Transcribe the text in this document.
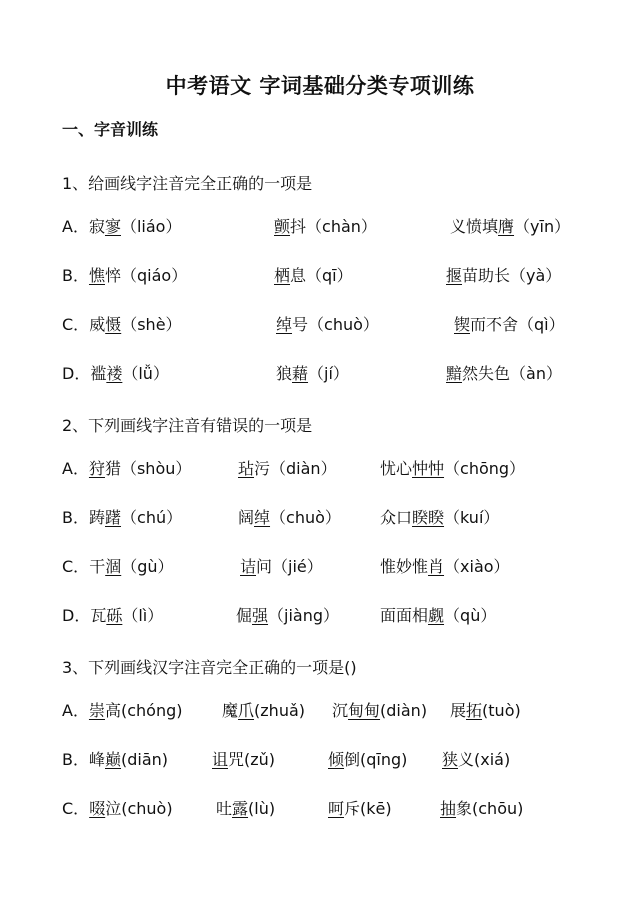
中考语文 字词基础分类专项训练
一、字音训练
1、给画线字注音完全正确的一项是
A．寂寥（liáo）	颤抖（chàn）	义愤填膺（yīn）
B．憔悴（qiáo）	栖息（qī）	揠苗助长（yà）
C．威慑（shè）	绰号（chuò）	锲而不舍（qì）
D．褴褛（lǚ）	狼藉（jí）	黯然失色（àn）
2、下列画线字注音有错误的一项是
A．狩猎（shòu）	玷污（diàn）	忧心忡忡（chōng）
B．踌躇（chú）	阔绰（chuò） 众口睽睽（kuí）
C．干涸（gù）	诘问（jié）	惟妙惟肖（xiào）
D．瓦砾（lì）	倔强（jiàng）	面面相觑（qù）
3、下列画线汉字注音完全正确的一项是()
A．崇高(chóng) 魔爪(zhuǎ) 沉甸甸(diàn) 展拓(tuò)
B．峰巅(diān)	诅咒(zǔ)	倾倒(qīng) 狭义(xiá)
C．啜泣(chuò)	吐露(lù)	呵斥(kē)	抽象(chōu)
